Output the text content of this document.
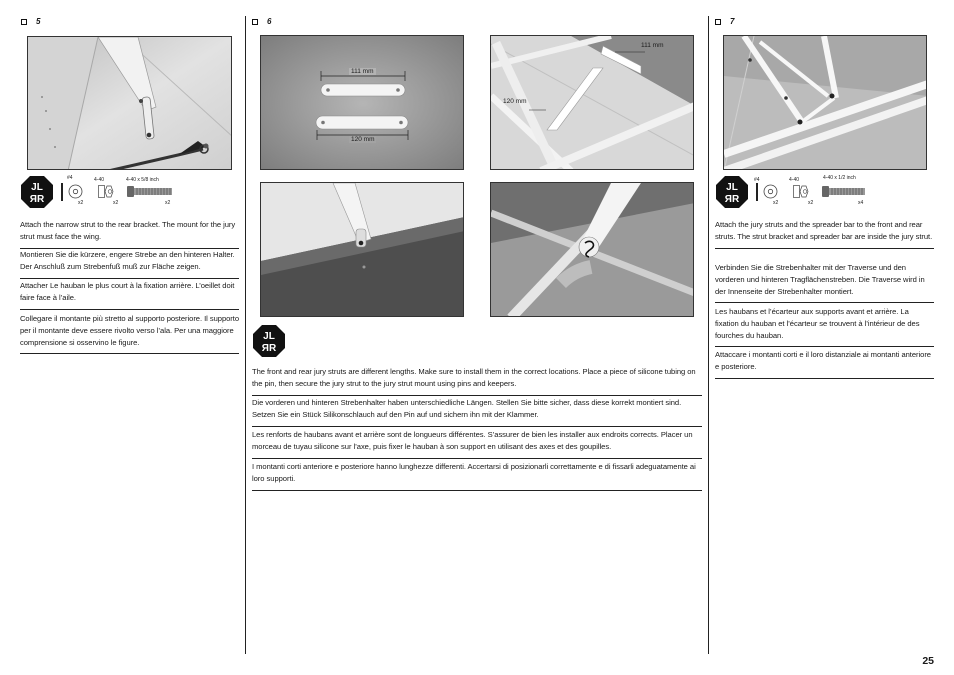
5
JL
ЯR
#4
x2
4-40
x2
4-40 x 5/8 inch
x2
Attach the narrow strut to the rear bracket. The mount for the jury strut must face the wing.
Montieren Sie die kürzere, engere Strebe an den hinteren Halter. Der Anschluß zum Strebenfuß muß zur Fläche zeigen.
Attacher Le hauban le plus court à la fixation arrière. L’oeillet doit faire face à l’aile.
Collegare il montante più stretto al supporto posteriore. Il supporto per il montante deve essere rivolto verso l’ala. Per una maggiore comprensione si osservino le figure.
6
111 mm
120 mm
111 mm
120 mm
JL
ЯR
The front and rear jury struts are different lengths. Make sure to install them in the correct locations. Place a piece of silicone tubing on the pin, then secure the jury strut to the jury strut mount using pins and keepers.
Die vorderen und hinteren Strebenhalter haben unterschiedliche Längen. Stellen Sie bitte sicher, dass diese korrekt montiert sind. Setzen Sie ein Stück Silikonschlauch auf den Pin auf und sichern ihn mit der Klammer.
Les renforts de haubans avant et arrière sont de longueurs différentes. S’assurer de bien les installer aux endroits corrects. Placer un morceau de tuyau silicone sur l’axe, puis fixer le hauban à son support en utilisant des axes et des goupilles.
I montanti corti anteriore e posteriore hanno lunghezze differenti. Accertarsi di posizionarli correttamente e di fissarli adeguatamente ai loro supporti.
7
JL
ЯR
#4
x2
4-40
x2
4-40 x 1/2 inch
x4
Attach the jury struts and the spreader bar to the front and rear struts. The strut bracket and spreader bar are inside the jury strut.
Verbinden Sie die Strebenhalter mit der Traverse und den vorderen und hinteren Tragflächenstreben. Die Traverse wird in der Innenseite der Strebenhalter montiert.
Les haubans et l’écarteur aux supports avant et arrière. La fixation du hauban et l’écarteur se trouvent à l’intérieur de des fourches du hauban.
Attaccare i montanti corti e il loro distanziale ai montanti anteriore e posteriore.
25
